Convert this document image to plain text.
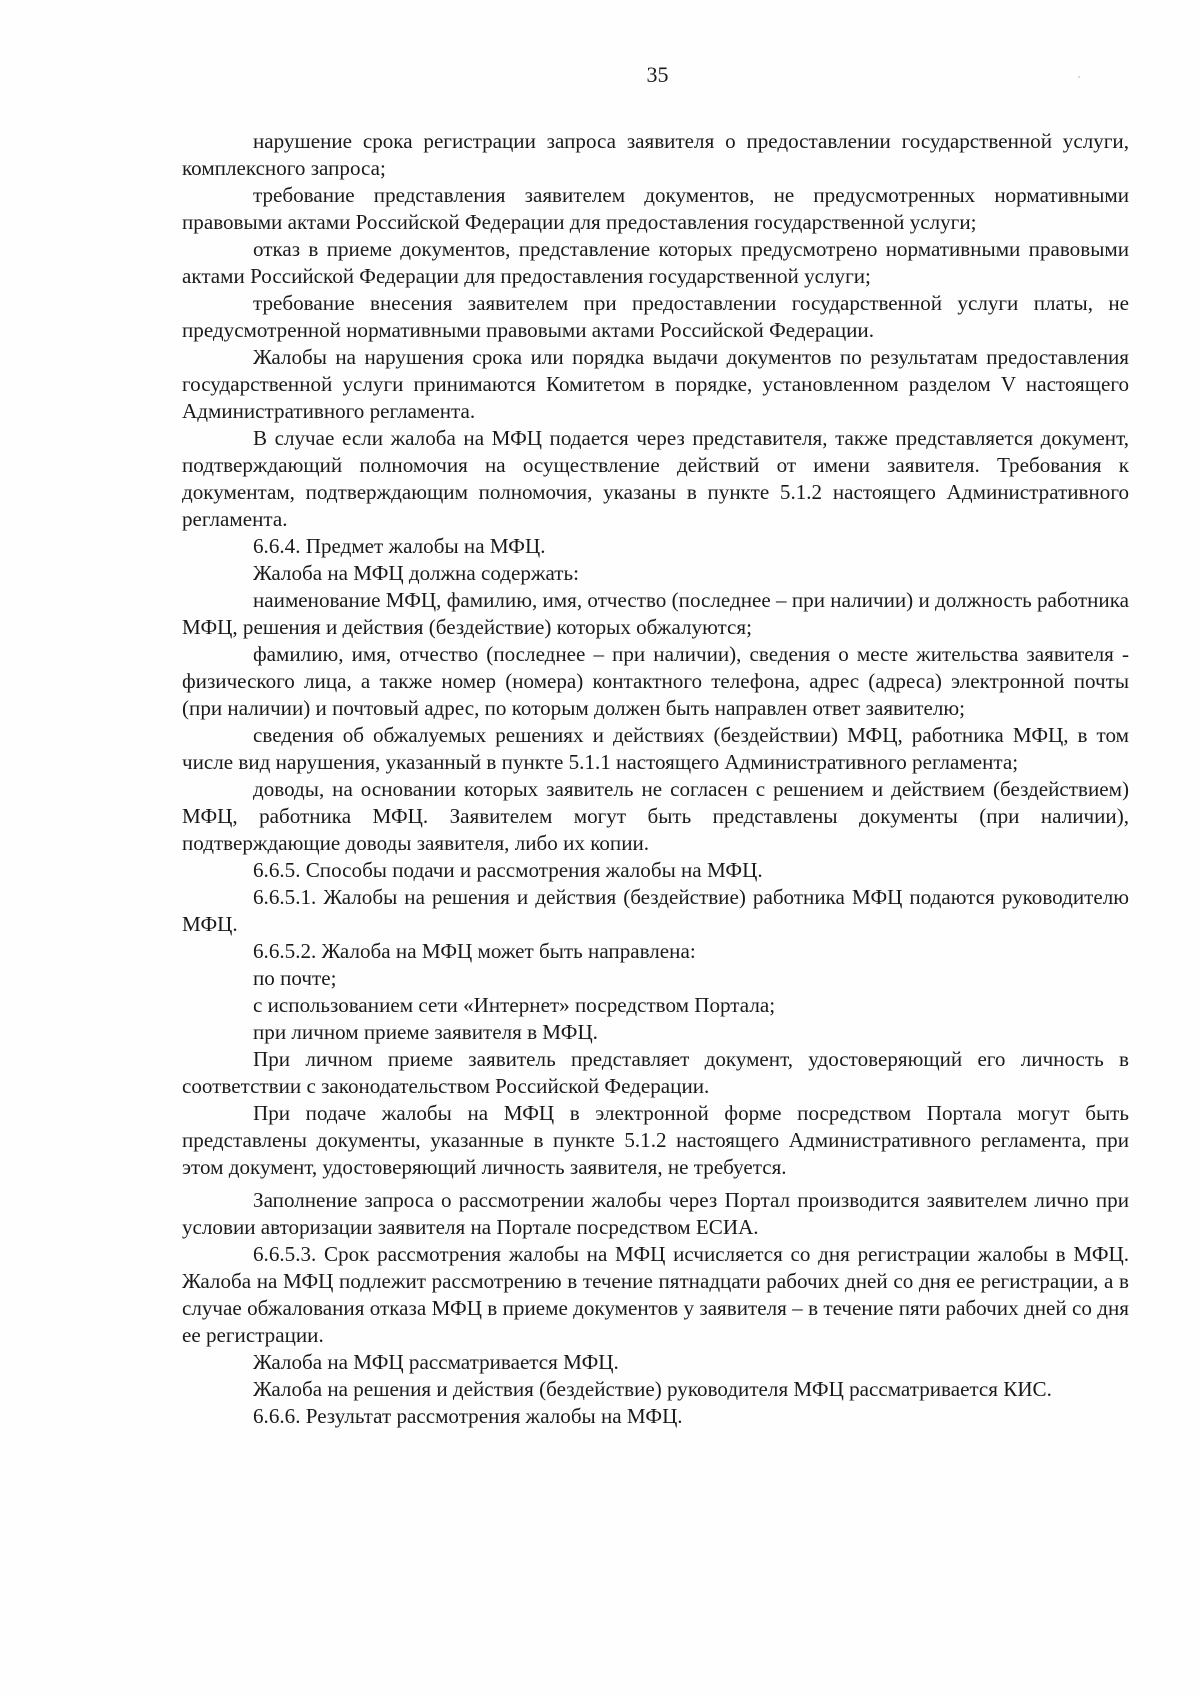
35

нарушение срока регистрации запроса заявителя о предоставлении государственной услуги, комплексного запроса;

требование представления заявителем документов, не предусмотренных нормативными правовыми актами Российской Федерации для предоставления государственной услуги;

отказ в приеме документов, представление которых предусмотрено нормативными правовыми актами Российской Федерации для предоставления государственной услуги;

требование внесения заявителем при предоставлении государственной услуги платы, не предусмотренной нормативными правовыми актами Российской Федерации.

Жалобы на нарушения срока или порядка выдачи документов по результатам предоставления государственной услуги принимаются Комитетом в порядке, установленном разделом V настоящего Административного регламента.

В случае если жалоба на МФЦ подается через представителя, также представляется документ, подтверждающий полномочия на осуществление действий от имени заявителя. Требования к документам, подтверждающим полномочия, указаны в пункте 5.1.2 настоящего Административного регламента.

6.6.4. Предмет жалобы на МФЦ.

Жалоба на МФЦ должна содержать:

наименование МФЦ, фамилию, имя, отчество (последнее – при наличии) и должность работника МФЦ, решения и действия (бездействие) которых обжалуются;

фамилию, имя, отчество (последнее – при наличии), сведения о месте жительства заявителя - физического лица, а также номер (номера) контактного телефона, адрес (адреса) электронной почты (при наличии) и почтовый адрес, по которым должен быть направлен ответ заявителю;

сведения об обжалуемых решениях и действиях (бездействии) МФЦ, работника МФЦ, в том числе вид нарушения, указанный в пункте 5.1.1 настоящего Административного регламента;

доводы, на основании которых заявитель не согласен с решением и действием (бездействием) МФЦ, работника МФЦ. Заявителем могут быть представлены документы (при наличии), подтверждающие доводы заявителя, либо их копии.

6.6.5. Способы подачи и рассмотрения жалобы на МФЦ.

6.6.5.1. Жалобы на решения и действия (бездействие) работника МФЦ подаются руководителю МФЦ.

6.6.5.2. Жалоба на МФЦ может быть направлена:

по почте;

с использованием сети «Интернет» посредством Портала;

при личном приеме заявителя в МФЦ.

При личном приеме заявитель представляет документ, удостоверяющий его личность в соответствии с законодательством Российской Федерации.

При подаче жалобы на МФЦ в электронной форме посредством Портала могут быть представлены документы, указанные в пункте 5.1.2 настоящего Административного регламента, при этом документ, удостоверяющий личность заявителя, не требуется.

Заполнение запроса о рассмотрении жалобы через Портал производится заявителем лично при условии авторизации заявителя на Портале посредством ЕСИА.

6.6.5.3. Срок рассмотрения жалобы на МФЦ исчисляется со дня регистрации жалобы в МФЦ. Жалоба на МФЦ подлежит рассмотрению в течение пятнадцати рабочих дней со дня ее регистрации, а в случае обжалования отказа МФЦ в приеме документов у заявителя – в течение пяти рабочих дней со дня ее регистрации.

Жалоба на МФЦ рассматривается МФЦ.

Жалоба на решения и действия (бездействие) руководителя МФЦ рассматривается КИС.

6.6.6. Результат рассмотрения жалобы на МФЦ.
